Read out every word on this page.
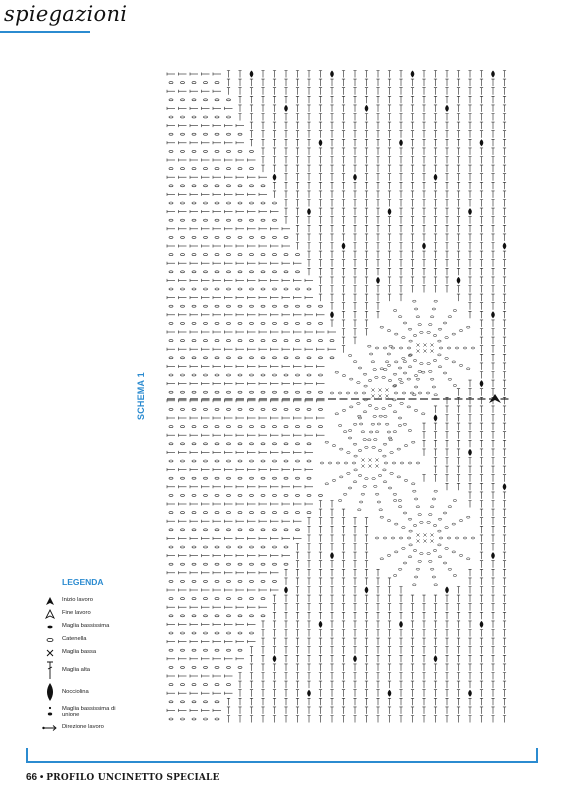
spiegazioni
SCHEMA 1
LEGENDA
Inizio lavoro
Fine lavoro
Maglia bassissima
Catenella
Maglia bassa
Maglia alta
Nocciolina
Maglia bassissima di unione
Direzione lavoro
66 • PROFILO UNCINETTO SPECIALE
